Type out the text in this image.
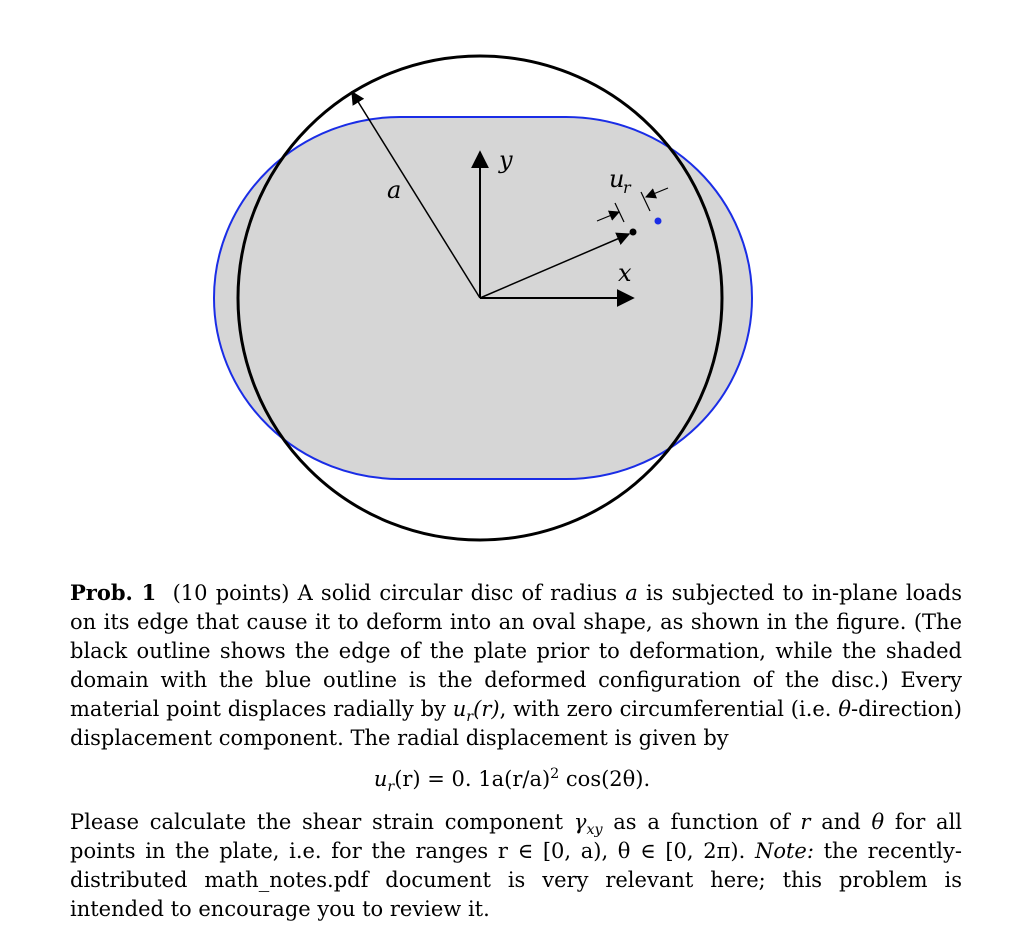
a
y
x
u
r
Prob. 1 (10 points) A solid circular disc of radius a is subjected to in-plane loads on its edge that cause it to deform into an oval shape, as shown in the figure. (The black outline shows the edge of the plate prior to deformation, while the shaded domain with the blue outline is the deformed configuration of the disc.) Every material point displaces radially by $u_r(r)$, with zero circumferential (i.e. θ-direction) displacement component. The radial displacement is given by
$u_r(r) = 0$. $1a(r/a)^2$ cos(2θ).
Please calculate the shear strain component $\gamma_{xy}$ as a function of r and θ for all points in the plate, i.e. for the ranges r ∈ [0, a), θ ∈ [0, 2π). Note: the recently-distributed math_notes.pdf document is very relevant here; this problem is intended to encourage you to review it.
